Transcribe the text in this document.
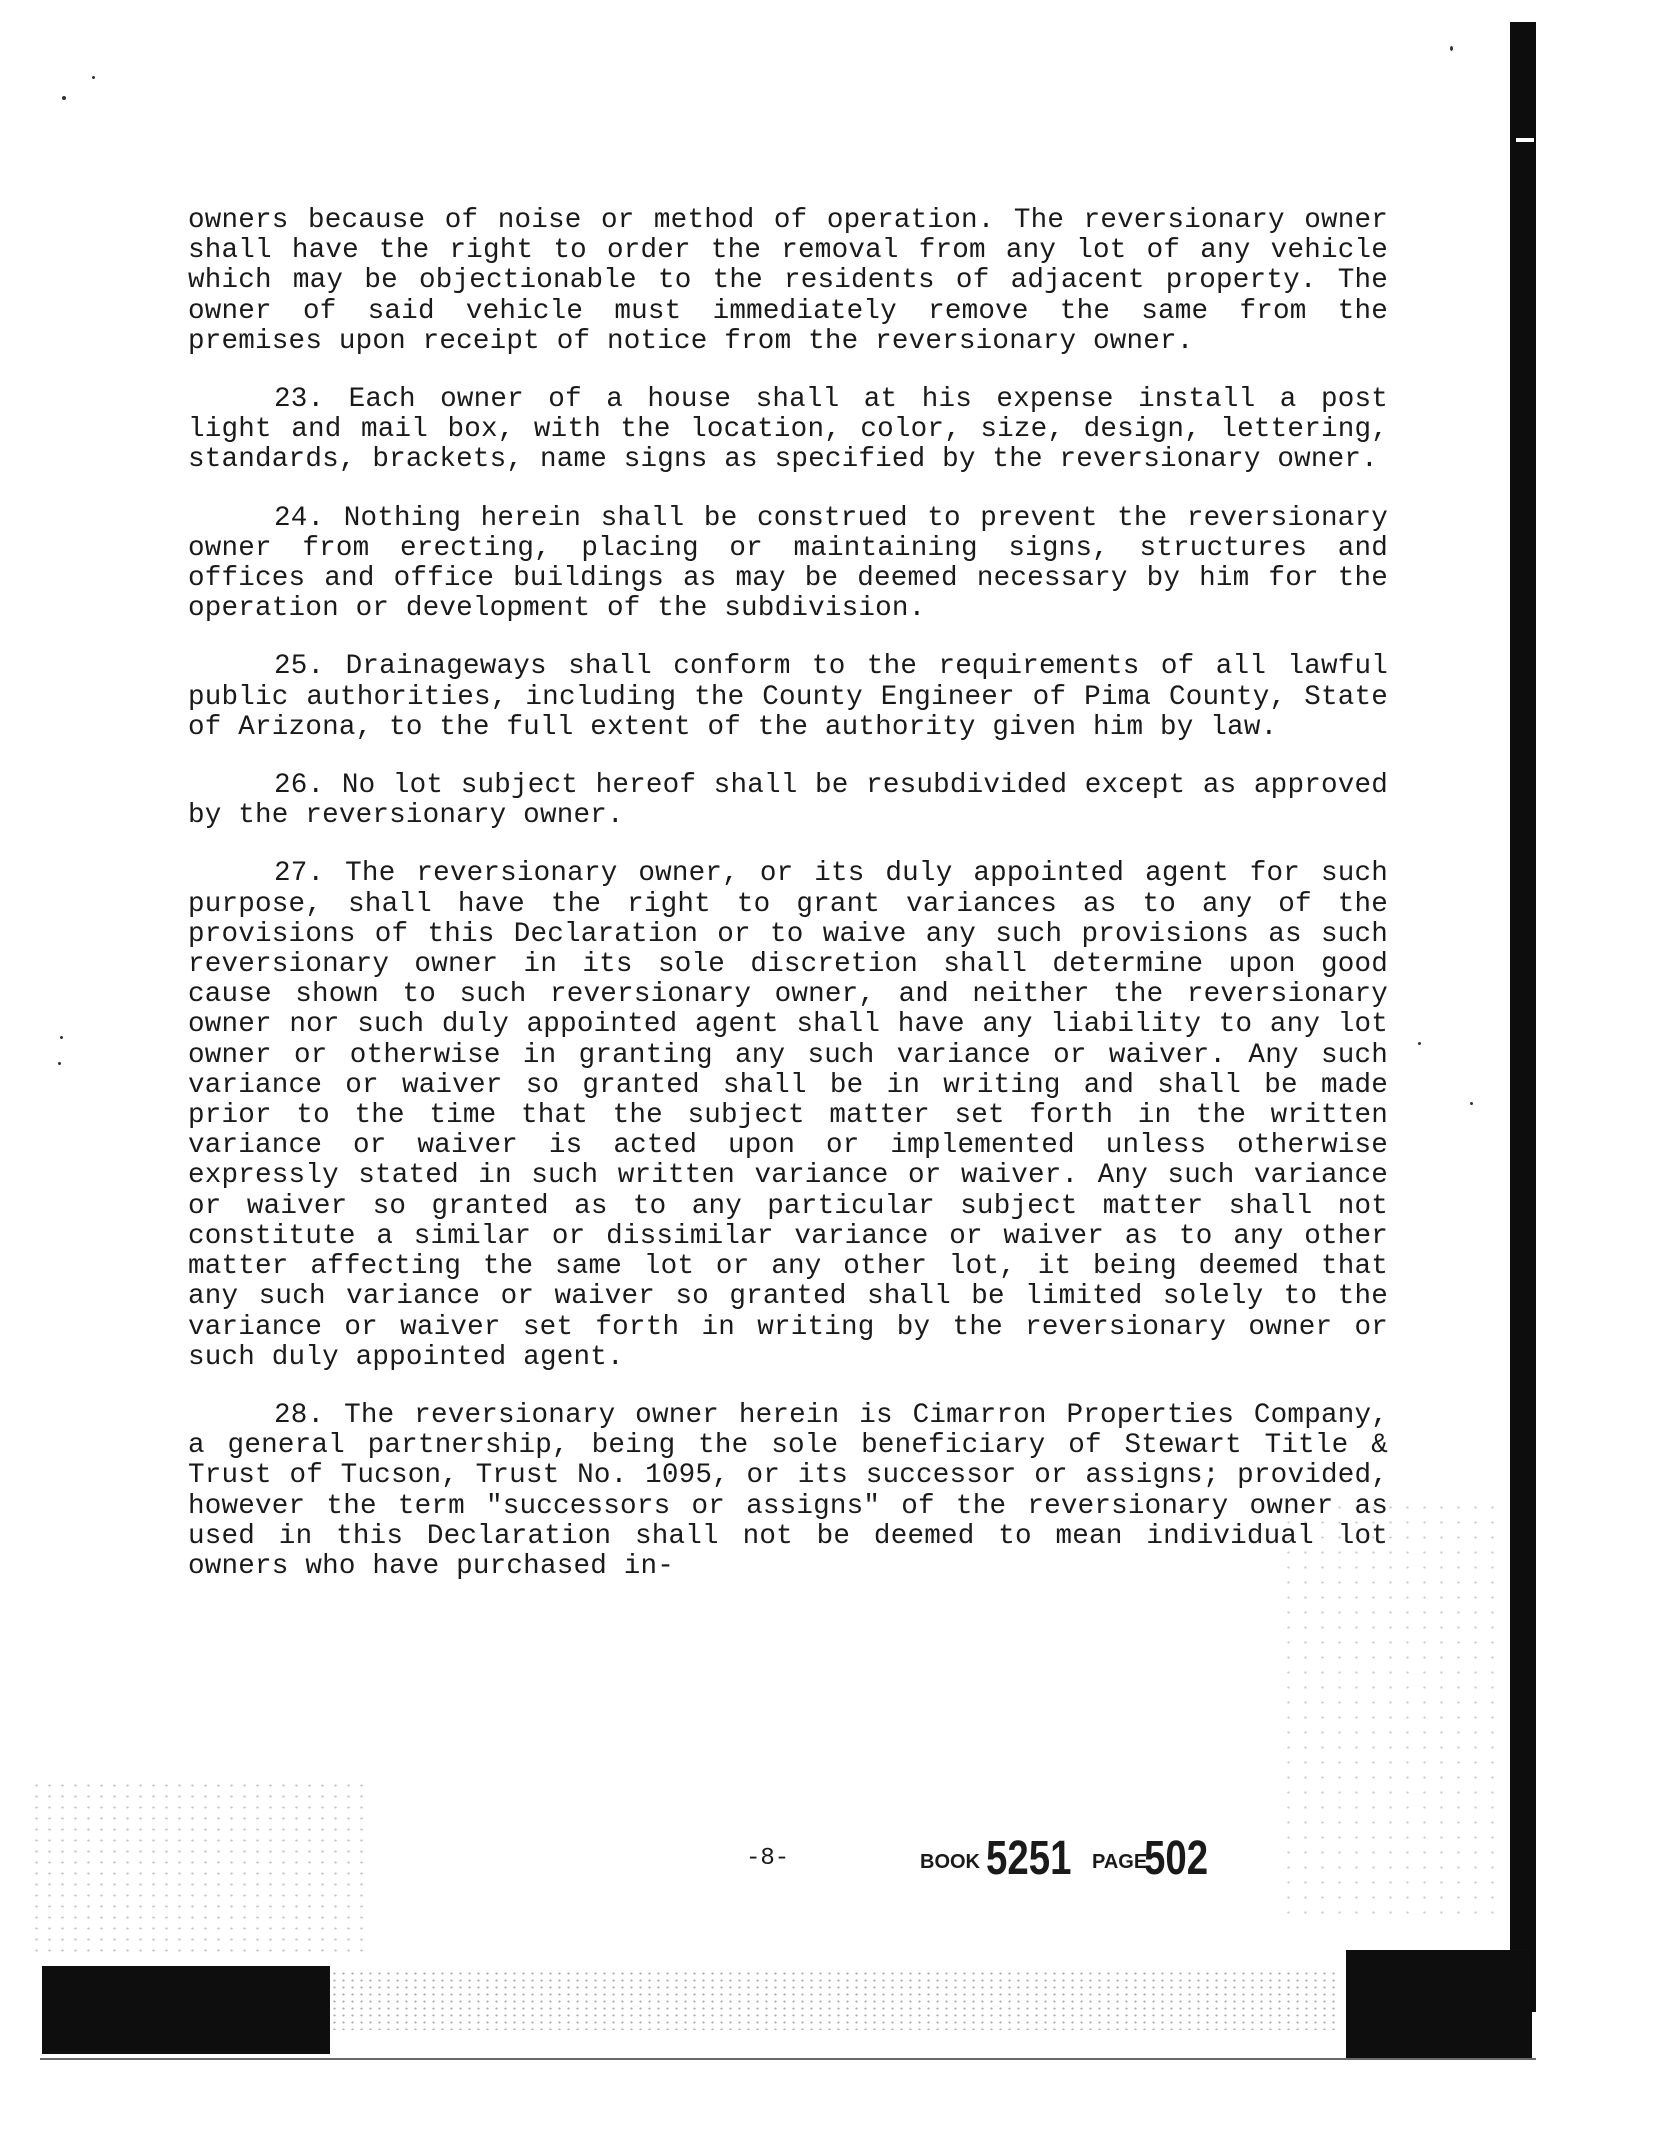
owners because of noise or method of operation. The reversionary owner shall have the right to order the removal from any lot of any vehicle which may be objectionable to the residents of adjacent property. The owner of said vehicle must immediately remove the same from the premises upon receipt of notice from the reversionary owner.

23. Each owner of a house shall at his expense install a post light and mail box, with the location, color, size, design, lettering, standards, brackets, name signs as specified by the reversionary owner.

24. Nothing herein shall be construed to prevent the reversionary owner from erecting, placing or maintaining signs, structures and offices and office buildings as may be deemed necessary by him for the operation or development of the subdivision.

25. Drainageways shall conform to the requirements of all lawful public authorities, including the County Engineer of Pima County, State of Arizona, to the full extent of the authority given him by law.

26. No lot subject hereof shall be resubdivided except as approved by the reversionary owner.

27. The reversionary owner, or its duly appointed agent for such purpose, shall have the right to grant variances as to any of the provisions of this Declaration or to waive any such provisions as such reversionary owner in its sole discretion shall determine upon good cause shown to such reversionary owner, and neither the reversionary owner nor such duly appointed agent shall have any liability to any lot owner or otherwise in granting any such variance or waiver. Any such variance or waiver so granted shall be in writing and shall be made prior to the time that the subject matter set forth in the written variance or waiver is acted upon or implemented unless otherwise expressly stated in such written variance or waiver. Any such variance or waiver so granted as to any particular subject matter shall not constitute a similar or dissimilar variance or waiver as to any other matter affecting the same lot or any other lot, it being deemed that any such variance or waiver so granted shall be limited solely to the variance or waiver set forth in writing by the reversionary owner or such duly appointed agent.

28. The reversionary owner herein is Cimarron Properties Company, a general partnership, being the sole beneficiary of Stewart Title & Trust of Tucson, Trust No. 1095, or its successor or assigns; provided, however the term "successors or assigns" of the reversionary owner as used in this Declaration shall not be deemed to mean individual lot owners who have purchased in-

-8-	BOOK 5251 PAGE
502
